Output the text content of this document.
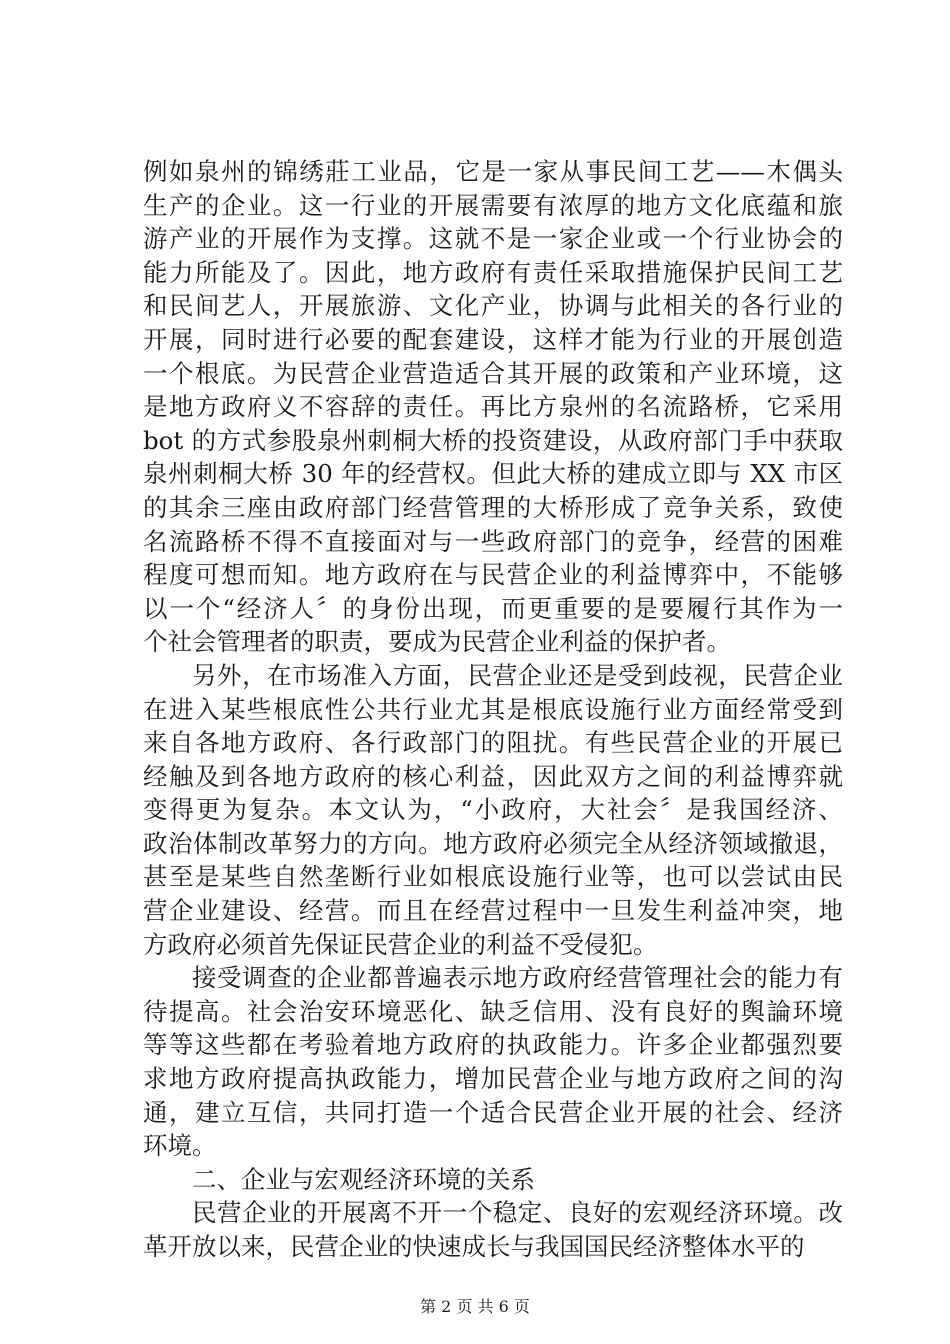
例如泉州的锦绣莊工业品，它是一家从事民间工艺——木偶头
生产的企业。这一行业的开展需要有浓厚的地方文化底蕴和旅
游产业的开展作为支撑。这就不是一家企业或一个行业协会的
能力所能及了。因此，地方政府有责任采取措施保护民间工艺
和民间艺人，开展旅游、文化产业，协调与此相关的各行业的
开展，同时进行必要的配套建设，这样才能为行业的开展创造
一个根底。为民营企业营造适合其开展的政策和产业环境，这
是地方政府义不容辞的责任。再比方泉州的名流路桥，它采用
bot 的方式参股泉州刺桐大桥的投资建设，从政府部门手中获取
泉州刺桐大桥 30 年的经营权。但此大桥的建成立即与 XX 市区
的其余三座由政府部门经营管理的大桥形成了竞争关系，致使
名流路桥不得不直接面对与一些政府部门的竞争，经营的困难
程度可想而知。地方政府在与民营企业的利益博弈中，不能够
以一个“经济人〞的身份出现，而更重要的是要履行其作为一
个社会管理者的职责，要成为民营企业利益的保护者。
另外，在市场准入方面，民营企业还是受到歧视，民营企业
在进入某些根底性公共行业尤其是根底设施行业方面经常受到
来自各地方政府、各行政部门的阻扰。有些民营企业的开展已
经触及到各地方政府的核心利益，因此双方之间的利益博弈就
变得更为复杂。本文认为，“小政府，大社会〞是我国经济、
政治体制改革努力的方向。地方政府必须完全从经济领域撤退，
甚至是某些自然垄断行业如根底设施行业等，也可以尝试由民
营企业建设、经营。而且在经营过程中一旦发生利益冲突，地
方政府必须首先保证民营企业的利益不受侵犯。
接受调查的企业都普遍表示地方政府经营管理社会的能力有
待提高。社会治安环境恶化、缺乏信用、没有良好的舆論环境
等等这些都在考验着地方政府的执政能力。许多企业都强烈要
求地方政府提高执政能力，增加民营企业与地方政府之间的沟
通，建立互信，共同打造一个适合民营企业开展的社会、经济
环境。
二、企业与宏观经济环境的关系
民营企业的开展离不开一个稳定、良好的宏观经济环境。改
革开放以来，民营企业的快速成长与我国国民经济整体水平的
第 2 页 共 6 页
